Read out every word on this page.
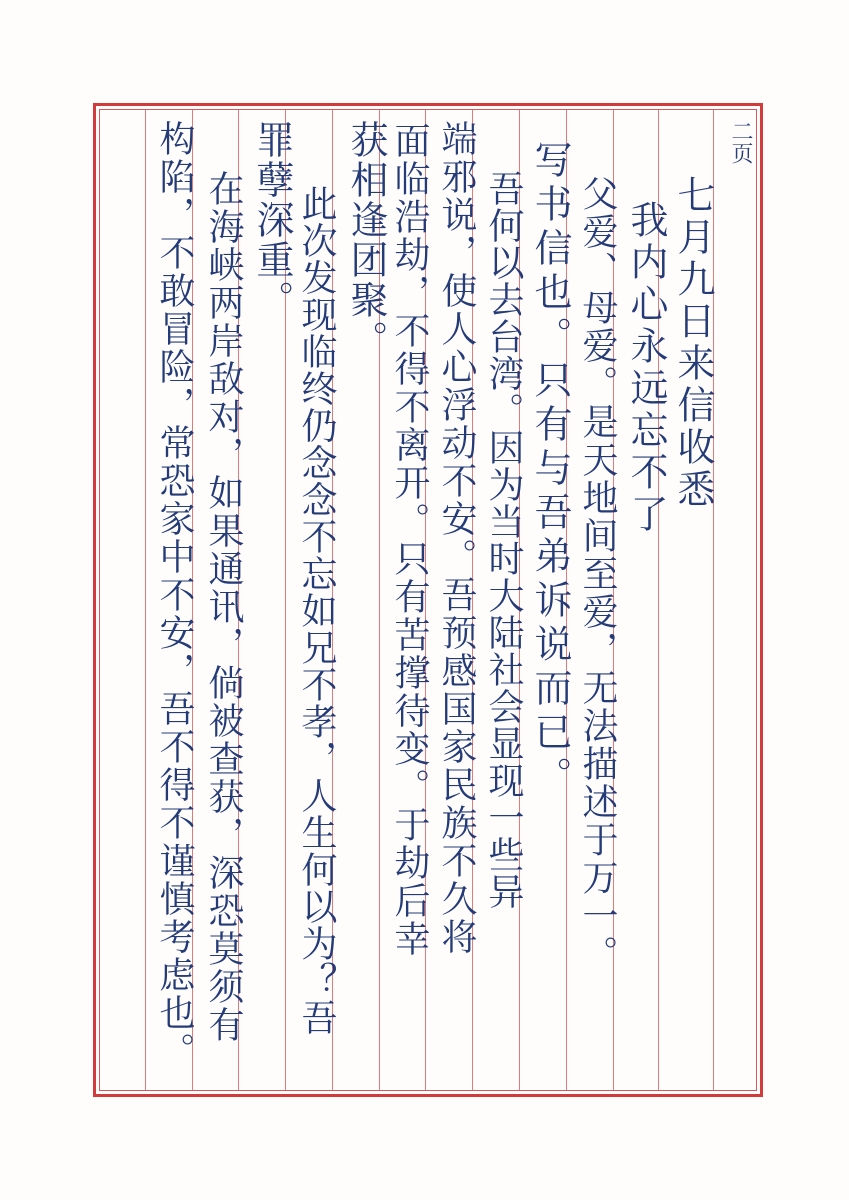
二页
七月九日来信收悉
我内心永远忘不了
父爱、母爱。是天地间至爱，无法描述于万一。
写书信也。只有与吾弟诉说而已。
吾何以去台湾。因为当时大陆社会显现一些异
端邪说，使人心浮动不安。吾预感国家民族不久将
面临浩劫，不得不离开。只有苦撑待变。于劫后幸
获相逢团聚。
此次发现临终仍念念不忘如兄不孝，人生何以为？吾
罪孽深重。
在海峡两岸敌对，如果通讯，倘被查获，深恐莫须有
构陷，不敢冒险，常恐家中不安，吾不得不谨慎考虑也。
